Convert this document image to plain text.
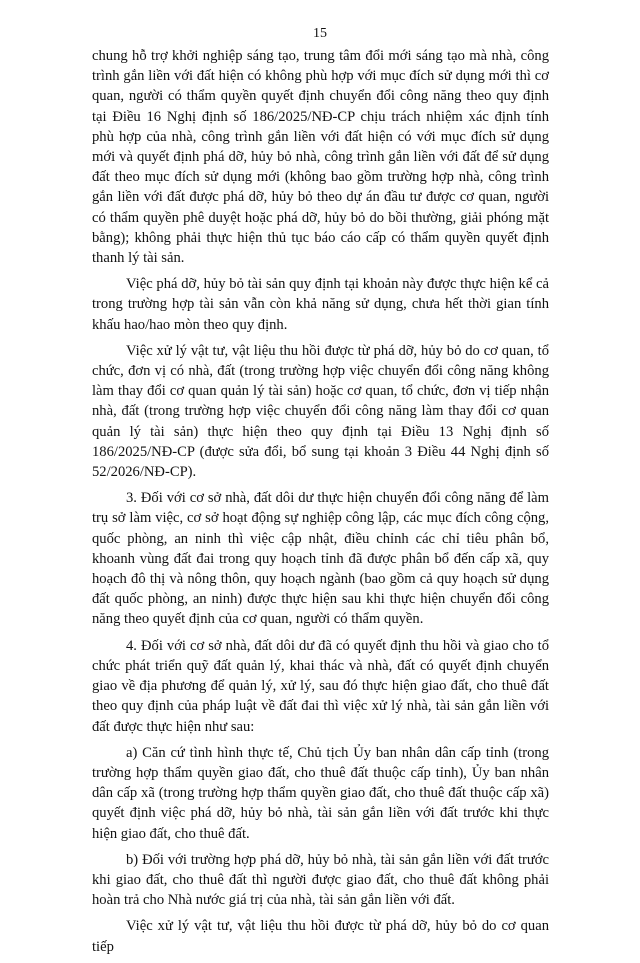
15

chung hỗ trợ khởi nghiệp sáng tạo, trung tâm đổi mới sáng tạo mà nhà, công trình gắn liền với đất hiện có không phù hợp với mục đích sử dụng mới thì cơ quan, người có thẩm quyền quyết định chuyển đổi công năng theo quy định tại Điều 16 Nghị định số 186/2025/NĐ-CP chịu trách nhiệm xác định tính phù hợp của nhà, công trình gắn liền với đất hiện có với mục đích sử dụng mới và quyết định phá dỡ, hủy bỏ nhà, công trình gắn liền với đất để sử dụng đất theo mục đích sử dụng mới (không bao gồm trường hợp nhà, công trình gắn liền với đất được phá dỡ, hủy bỏ theo dự án đầu tư được cơ quan, người có thẩm quyền phê duyệt hoặc phá dỡ, hủy bỏ do bồi thường, giải phóng mặt bằng); không phải thực hiện thủ tục báo cáo cấp có thẩm quyền quyết định thanh lý tài sản.

Việc phá dỡ, hủy bỏ tài sản quy định tại khoản này được thực hiện kể cả trong trường hợp tài sản vẫn còn khả năng sử dụng, chưa hết thời gian tính khấu hao/hao mòn theo quy định.

Việc xử lý vật tư, vật liệu thu hồi được từ phá dỡ, hủy bỏ do cơ quan, tổ chức, đơn vị có nhà, đất (trong trường hợp việc chuyển đổi công năng không làm thay đổi cơ quan quản lý tài sản) hoặc cơ quan, tổ chức, đơn vị tiếp nhận nhà, đất (trong trường hợp việc chuyển đổi công năng làm thay đổi cơ quan quản lý tài sản) thực hiện theo quy định tại Điều 13 Nghị định số 186/2025/NĐ-CP (được sửa đổi, bổ sung tại khoản 3 Điều 44 Nghị định số 52/2026/NĐ-CP).

3. Đối với cơ sở nhà, đất dôi dư thực hiện chuyển đổi công năng để làm trụ sở làm việc, cơ sở hoạt động sự nghiệp công lập, các mục đích công cộng, quốc phòng, an ninh thì việc cập nhật, điều chỉnh các chỉ tiêu phân bổ, khoanh vùng đất đai trong quy hoạch tỉnh đã được phân bổ đến cấp xã, quy hoạch đô thị và nông thôn, quy hoạch ngành (bao gồm cả quy hoạch sử dụng đất quốc phòng, an ninh) được thực hiện sau khi thực hiện chuyển đổi công năng theo quyết định của cơ quan, người có thẩm quyền.

4. Đối với cơ sở nhà, đất dôi dư đã có quyết định thu hồi và giao cho tổ chức phát triển quỹ đất quản lý, khai thác và nhà, đất có quyết định chuyển giao về địa phương để quản lý, xử lý, sau đó thực hiện giao đất, cho thuê đất theo quy định của pháp luật về đất đai thì việc xử lý nhà, tài sản gắn liền với đất được thực hiện như sau:

a) Căn cứ tình hình thực tế, Chủ tịch Ủy ban nhân dân cấp tỉnh (trong trường hợp thẩm quyền giao đất, cho thuê đất thuộc cấp tỉnh), Ủy ban nhân dân cấp xã (trong trường hợp thẩm quyền giao đất, cho thuê đất thuộc cấp xã) quyết định việc phá dỡ, hủy bỏ nhà, tài sản gắn liền với đất trước khi thực hiện giao đất, cho thuê đất.

b) Đối với trường hợp phá dỡ, hủy bỏ nhà, tài sản gắn liền với đất trước khi giao đất, cho thuê đất thì người được giao đất, cho thuê đất không phải hoàn trả cho Nhà nước giá trị của nhà, tài sản gắn liền với đất.

Việc xử lý vật tư, vật liệu thu hồi được từ phá dỡ, hủy bỏ do cơ quan tiếp
